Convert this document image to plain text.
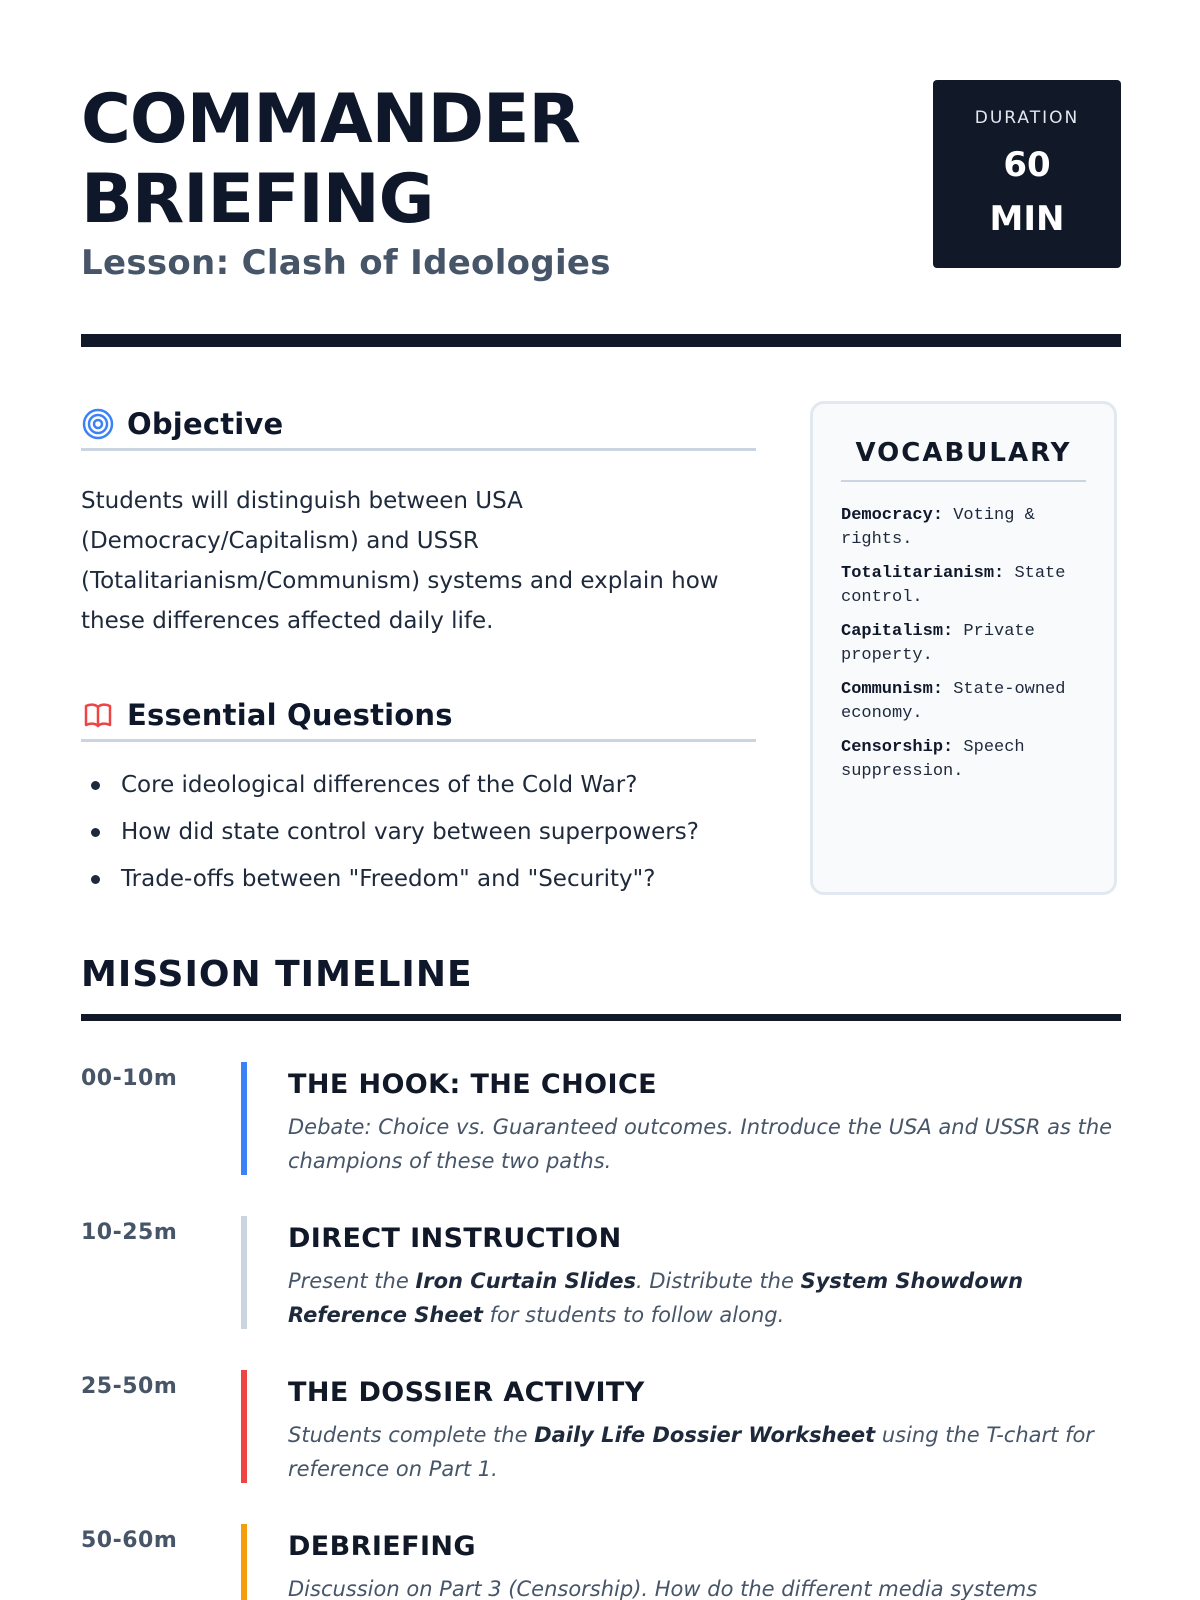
COMMANDER
BRIEFING
Lesson: Clash of Ideologies
DURATION
60 MIN
Objective

Students will distinguish between USA (Democracy/Capitalism) and USSR (Totalitarianism/Communism) systems and explain how these differences affected daily life.

Essential Questions
Core ideological differences of the Cold War?
How did state control vary between superpowers?
Trade-offs between "Freedom" and "Security"?
VOCABULARY
Democracy: Voting & rights.
Totalitarianism: State control.
Capitalism: Private property.
Communism: State-owned economy.
Censorship: Speech suppression.
MISSION TIMELINE
00-10m	THE HOOK: THE CHOICE

Debate: Choice vs. Guaranteed outcomes. Introduce the USA and USSR as the champions of these two paths.

10-25m	DIRECT INSTRUCTION

Present the Iron Curtain Slides. Distribute the System Showdown Reference Sheet for students to follow along.

25-50m	THE DOSSIER ACTIVITY

Students complete the Daily Life Dossier Worksheet using the T-chart for reference on Part 1.

50-60m	DEBRIEFING

Discussion on Part 3 (Censorship). How do the different media systems
